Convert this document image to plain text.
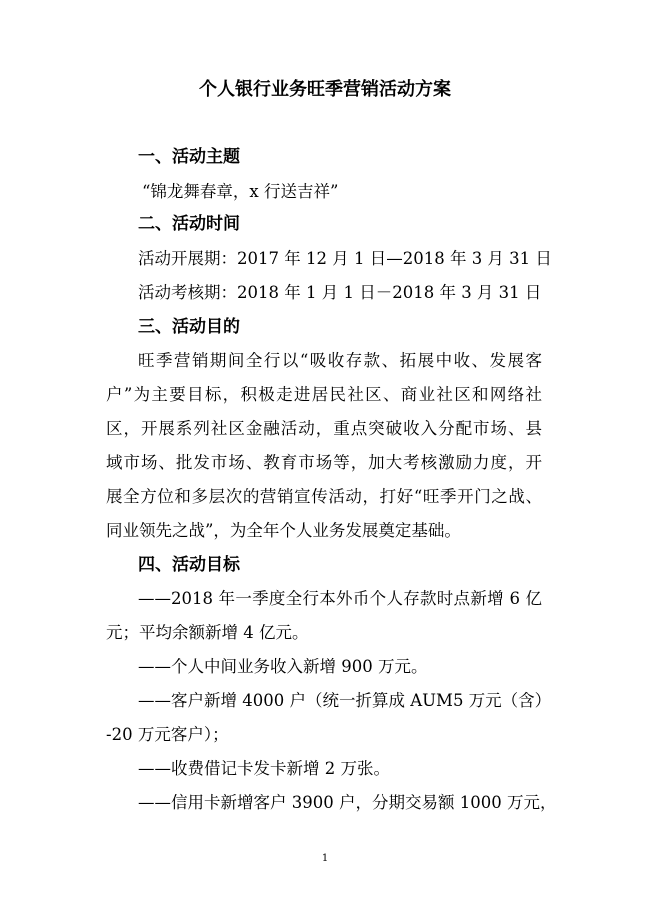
个人银行业务旺季营销活动方案
一、活动主题
“锦龙舞春章，x 行送吉祥”
二、活动时间
活动开展期：2017 年 12 月 1 日—2018 年 3 月 31 日
活动考核期：2018 年 1 月 1 日－2018 年 3 月 31 日
三、活动目的
旺季营销期间全行以“吸收存款、拓展中收、发展客
户”为主要目标，积极走进居民社区、商业社区和网络社
区，开展系列社区金融活动，重点突破收入分配市场、县
域市场、批发市场、教育市场等，加大考核激励力度，开
展全方位和多层次的营销宣传活动，打好“旺季开门之战、
同业领先之战”，为全年个人业务发展奠定基础。
四、活动目标
——2018 年一季度全行本外币个人存款时点新增 6 亿
元；平均余额新增 4 亿元。
——个人中间业务收入新增 900 万元。
——客户新增 4000 户（统一折算成 AUM5 万元（含）
-20 万元客户）；
——收费借记卡发卡新增 2 万张。
——信用卡新增客户 3900 户，分期交易额 1000 万元，
1
